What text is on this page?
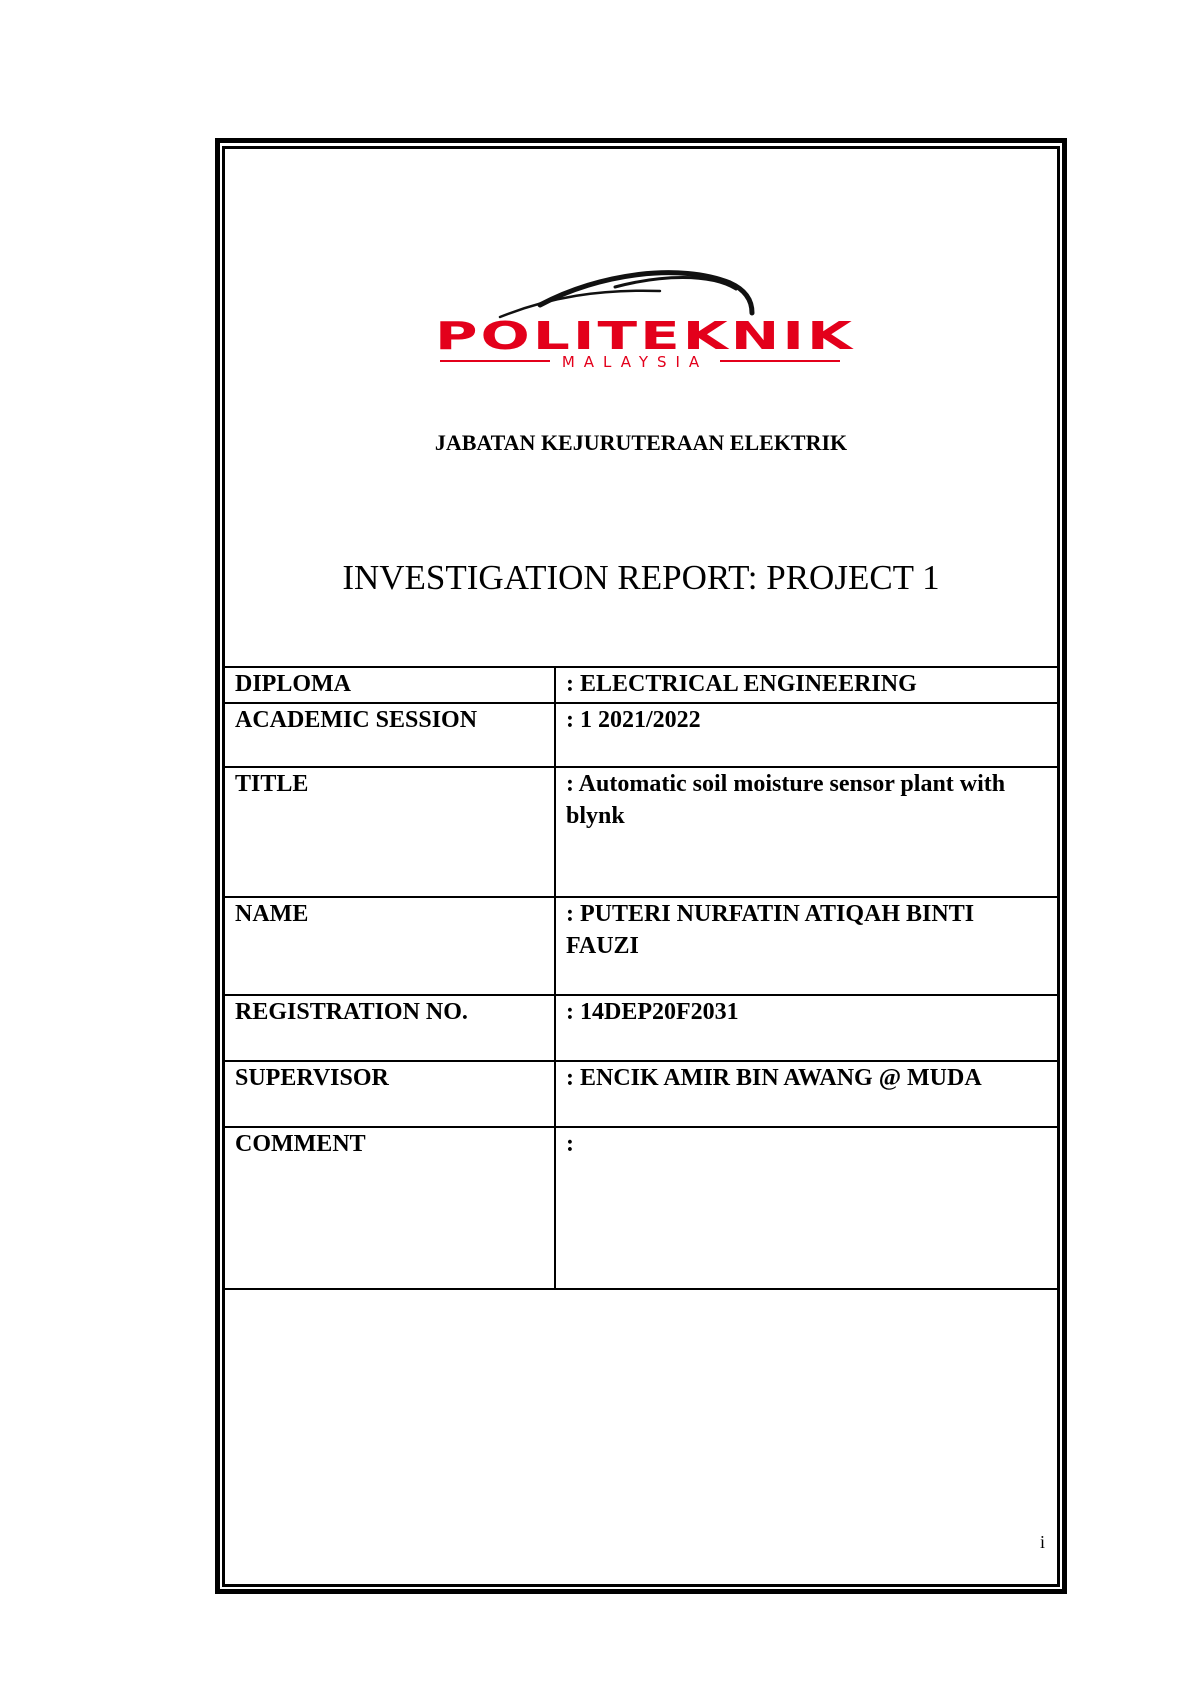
POLITEKNIK
MALAYSIA
JABATAN KEJURUTERAAN ELEKTRIK
INVESTIGATION REPORT: PROJECT 1
DIPLOMA	: ELECTRICAL ENGINEERING
ACADEMIC SESSION	: 1 2021/2022
TITLE	: Automatic soil moisture sensor plant with blynk
NAME	: PUTERI NURFATIN ATIQAH BINTI FAUZI
REGISTRATION NO.	: 14DEP20F2031
SUPERVISOR	: ENCIK AMIR BIN AWANG @ MUDA
COMMENT	:
i
